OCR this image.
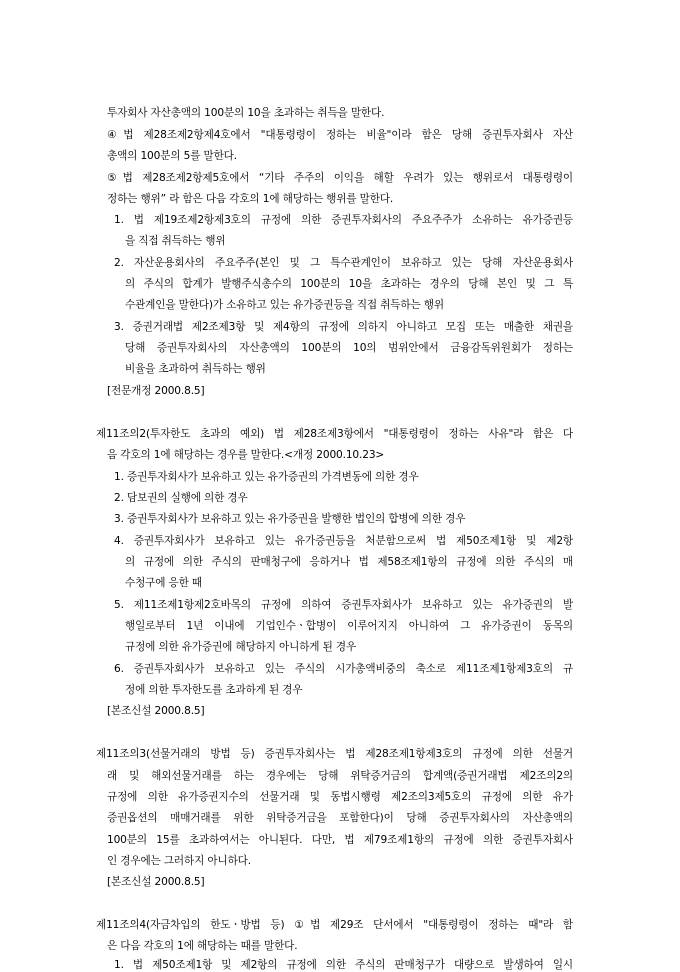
투자회사 자산총액의 100분의 10을 초과하는 취득을 말한다.
④법 제28조제2항제4호에서 "대통령령이 정하는 비율"이라 함은 당해 증권투자회사 자산
총액의 100분의 5를 말한다.
⑤법 제28조제2항제5호에서 “기타 주주의 이익을 해할 우려가 있는 행위로서 대통령령이
정하는 행위” 라 함은 다음 각호의 1에 해당하는 행위를 말한다.
1. 법 제19조제2항제3호의 규정에 의한 증권투자회사의 주요주주가 소유하는 유가증권등
을 직접 취득하는 행위
2. 자산운용회사의 주요주주(본인 및 그 특수관계인이 보유하고 있는 당해 자산운용회사
의 주식의 합계가 발행주식총수의 100분의 10을 초과하는 경우의 당해 본인 및 그 특
수관계인을 말한다)가 소유하고 있는 유가증권등을 직접 취득하는 행위
3. 증권거래법 제2조제3항 및 제4항의 규정에 의하지 아니하고 모집 또는 매출한 채권을
당해 증권투자회사의 자산총액의 100분의 10의 범위안에서 금융감독위원회가 정하는
비율을 초과하여 취득하는 행위
[전문개정 2000.8.5]
제11조의2(투자한도 초과의 예외) 법 제28조제3항에서 "대통령령이 정하는 사유"라 함은 다
음 각호의 1에 해당하는 경우를 말한다.<개정 2000.10.23>
1. 증권투자회사가 보유하고 있는 유가증권의 가격변동에 의한 경우
2. 담보권의 실행에 의한 경우
3. 증권투자회사가 보유하고 있는 유가증권을 발행한 법인의 합병에 의한 경우
4. 증권투자회사가 보유하고 있는 유가증권등을 처분함으로써 법 제50조제1항 및 제2항
의 규정에 의한 주식의 판매청구에 응하거나 법 제58조제1항의 규정에 의한 주식의 매
수청구에 응한 때
5. 제11조제1항제2호바목의 규정에 의하여 증권투자회사가 보유하고 있는 유가증권의 발
행일로부터 1년 이내에 기업인수ㆍ합병이 이루어지지 아니하여 그 유가증권이 동목의
규정에 의한 유가증권에 해당하지 아니하게 된 경우
6. 증권투자회사가 보유하고 있는 주식의 시가총액비중의 축소로 제11조제1항제3호의 규
정에 의한 투자한도를 초과하게 된 경우
[본조신설 2000.8.5]
제11조의3(선물거래의 방법 등) 증권투자회사는 법 제28조제1항제3호의 규정에 의한 선물거
래 및 해외선물거래를 하는 경우에는 당해 위탁증거금의 합계액(증권거래법 제2조의2의
규정에 의한 유가증권지수의 선물거래 및 동법시행령 제2조의3제5호의 규정에 의한 유가
증권옵션의 매매거래를 위한 위탁증거금을 포함한다)이 당해 증권투자회사의 자산총액의
100분의 15를 초과하여서는 아니된다. 다만, 법 제79조제1항의 규정에 의한 증권투자회사
인 경우에는 그러하지 아니하다.
[본조신설 2000.8.5]
제11조의4(자금차입의 한도ㆍ방법 등) ①법 제29조 단서에서 "대통령령이 정하는 때"라 함
은 다음 각호의 1에 해당하는 때를 말한다.
1. 법 제50조제1항 및 제2항의 규정에 의한 주식의 판매청구가 대량으로 발생하여 일시
